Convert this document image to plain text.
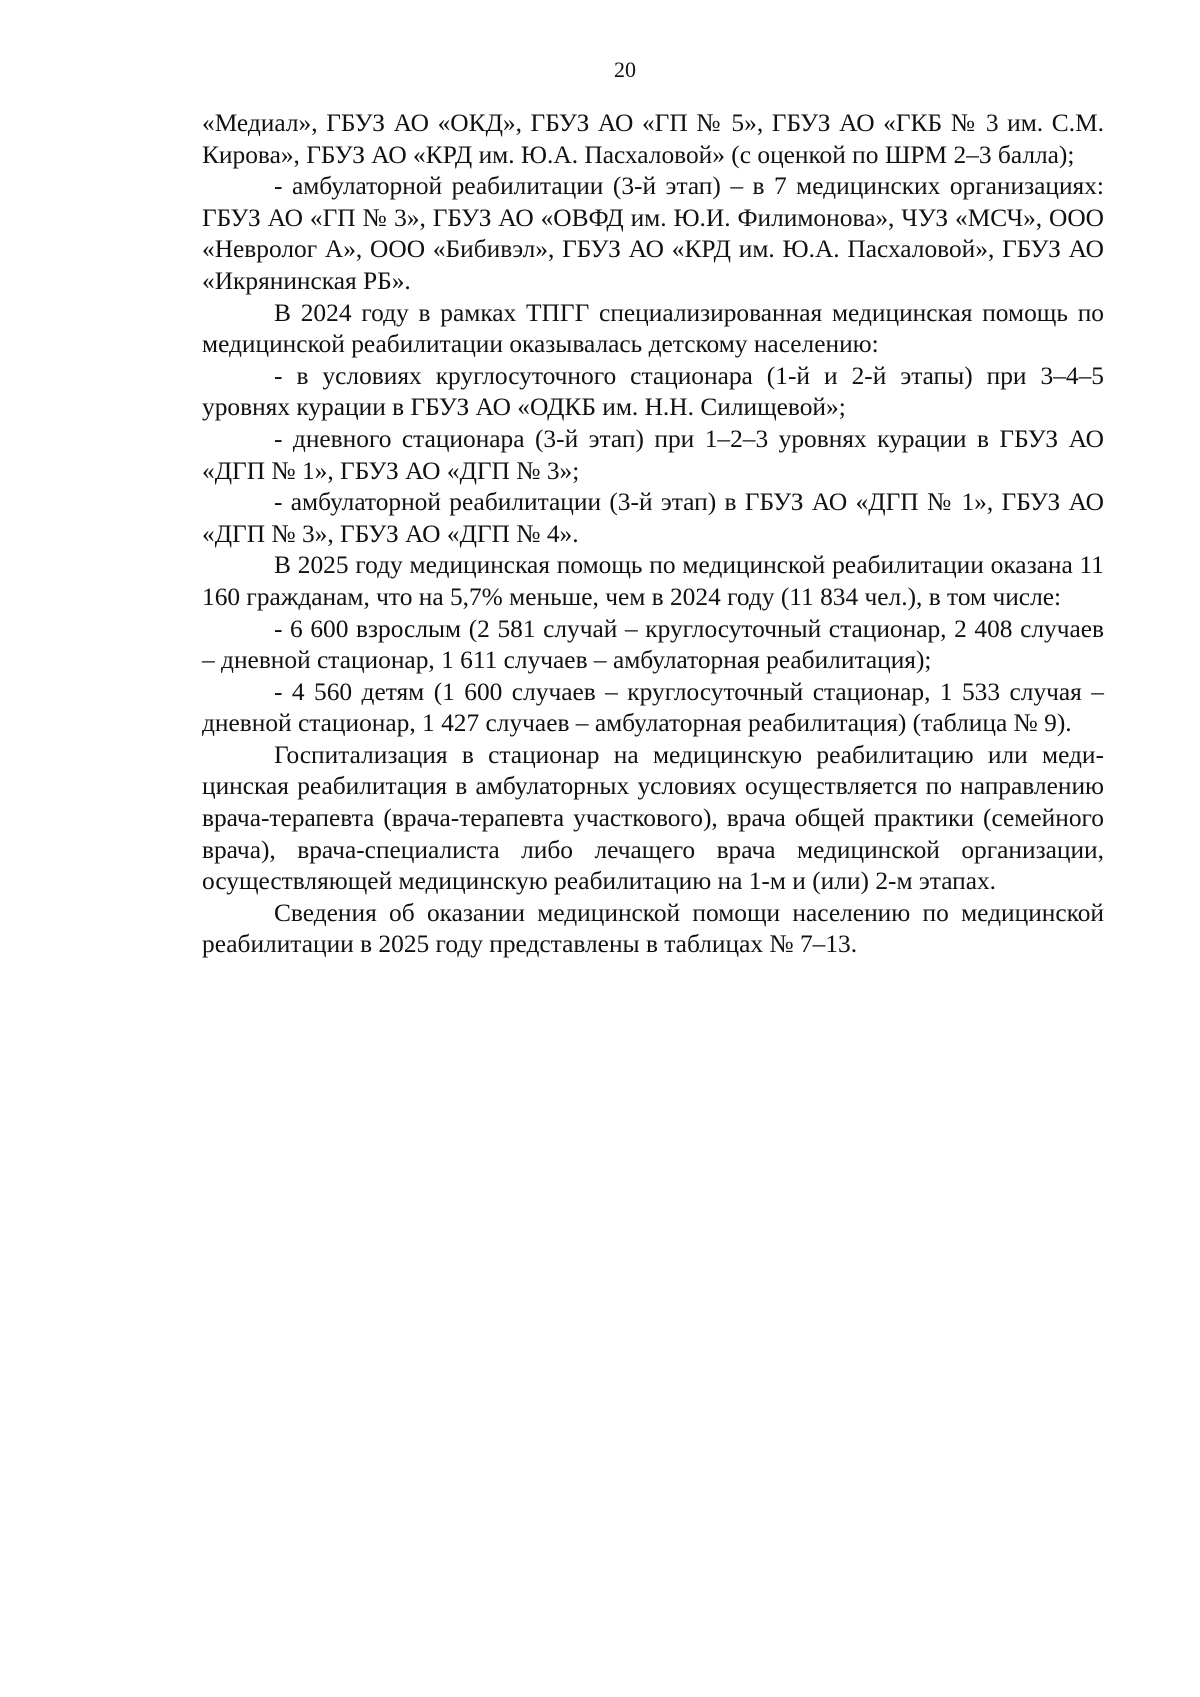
20

«Медиал», ГБУЗ АО «ОКД», ГБУЗ АО «ГП № 5», ГБУЗ АО «ГКБ № 3 им. С.М. Кирова», ГБУЗ АО «КРД им. Ю.А. Пасхаловой» (с оценкой по ШРМ 2–3 балла);

- амбулаторной реабилитации (3-й этап) – в 7 медицинских организациях: ГБУЗ АО «ГП № 3», ГБУЗ АО «ОВФД им. Ю.И. Филимонова», ЧУЗ «МСЧ», ООО «Невролог А», ООО «Бибивэл», ГБУЗ АО «КРД им. Ю.А. Пасхаловой», ГБУЗ АО «Икрянинская РБ».

В 2024 году в рамках ТПГГ специализированная медицинская помощь по медицинской реабилитации оказывалась детскому населению:

- в условиях круглосуточного стационара (1-й и 2-й этапы) при 3–4–5 уровнях курации в ГБУЗ АО «ОДКБ им. Н.Н. Силищевой»;

- дневного стационара (3-й этап) при 1–2–3 уровнях курации в ГБУЗ АО «ДГП № 1», ГБУЗ АО «ДГП № 3»;

- амбулаторной реабилитации (3-й этап) в ГБУЗ АО «ДГП № 1», ГБУЗ АО «ДГП № 3», ГБУЗ АО «ДГП № 4».

В 2025 году медицинская помощь по медицинской реабилитации оказана 11 160 гражданам, что на 5,7% меньше, чем в 2024 году (11 834 чел.), в том числе:

- 6 600 взрослым (2 581 случай – круглосуточный стационар, 2 408 случаев – дневной стационар, 1 611 случаев – амбулаторная реабилитация);

- 4 560 детям (1 600 случаев – круглосуточный стационар, 1 533 случая – дневной стационар, 1 427 случаев – амбулаторная реабилитация) (таблица № 9).

Госпитализация в стационар на медицинскую реабилитацию или медицинская реабилитация в амбулаторных условиях осуществляется по направлению врача-терапевта (врача-терапевта участкового), врача общей практики (семейного врача), врача-специалиста либо лечащего врача медицинской организации, осуществляющей медицинскую реабилитацию на 1-м и (или) 2-м этапах.

Сведения об оказании медицинской помощи населению по медицинской реабилитации в 2025 году представлены в таблицах № 7–13.
